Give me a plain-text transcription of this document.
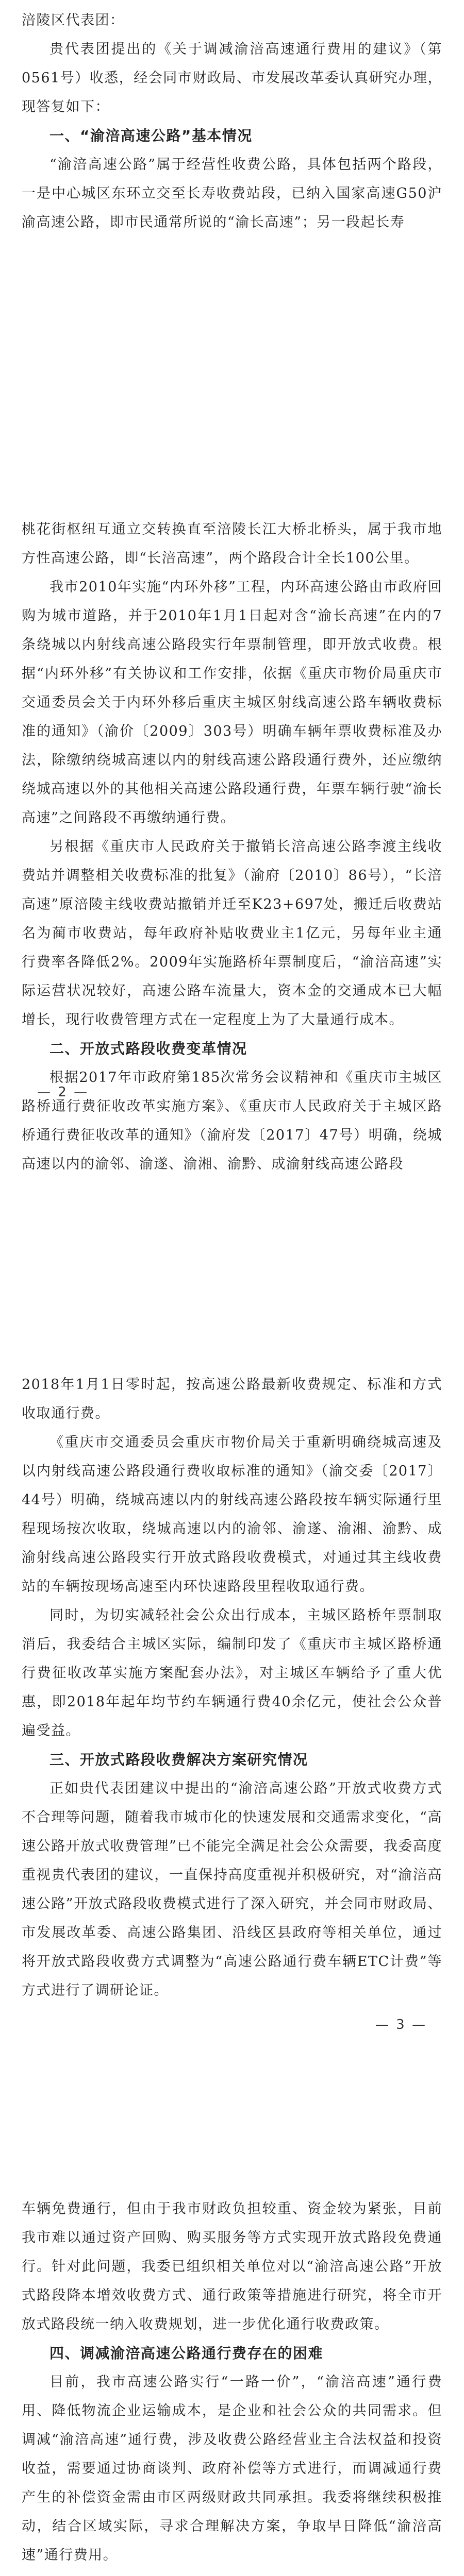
涪陵区代表团：

贵代表团提出的《关于调减渝涪高速通行费用的建议》（第0561号）收悉，经会同市财政局、市发展改革委认真研究办理，现答复如下：

一、“渝涪高速公路”基本情况

“渝涪高速公路”属于经营性收费公路，具体包括两个路段，一是中心城区东环立交至长寿收费站段，已纳入国家高速G50沪渝高速公路，即市民通常所说的“渝长高速”；另一段起长寿

桃花街枢纽互通立交转换直至涪陵长江大桥北桥头，属于我市地方性高速公路，即“长涪高速”，两个路段合计全长100公里。

我市2010年实施“内环外移”工程，内环高速公路由市政府回购为城市道路，并于2010年1月1日起对含“渝长高速”在内的7条绕城以内射线高速公路段实行年票制管理，即开放式收费。根据“内环外移”有关协议和工作安排，依据《重庆市物价局重庆市交通委员会关于内环外移后重庆主城区射线高速公路车辆收费标准的通知》（渝价〔2009〕303号）明确车辆年票收费标准及办法，除缴纳绕城高速以内的射线高速公路段通行费外，还应缴纳绕城高速以外的其他相关高速公路段通行费，年票车辆行驶“渝长高速”之间路段不再缴纳通行费。

另根据《重庆市人民政府关于撤销长涪高速公路李渡主线收费站并调整相关收费标准的批复》（渝府〔2010〕86号），“长涪高速”原涪陵主线收费站撤销并迁至K23+697处，搬迁后收费站名为蔺市收费站，每年政府补贴收费业主1亿元，另每年业主通行费率各降低2%。2009年实施路桥年票制度后，“渝涪高速”实际运营状况较好，高速公路车流量大，资本金的交通成本已大幅增长，现行收费管理方式在一定程度上为了大量通行成本。

二、开放式路段收费变革情况

根据2017年市政府第185次常务会议精神和《重庆市主城区路桥通行费征收改革实施方案》、《重庆市人民政府关于主城区路桥通行费征收改革的通知》（渝府发〔2017〕47号）明确，绕城高速以内的渝邻、渝遂、渝湘、渝黔、成渝射线高速公路段

— 2 —

2018年1月1日零时起，按高速公路最新收费规定、标准和方式收取通行费。

《重庆市交通委员会重庆市物价局关于重新明确绕城高速及以内射线高速公路段通行费收取标准的通知》（渝交委〔2017〕44号）明确，绕城高速以内的射线高速公路段按车辆实际通行里程现场按次收取，绕城高速以内的渝邻、渝遂、渝湘、渝黔、成渝射线高速公路段实行开放式路段收费模式，对通过其主线收费站的车辆按现场高速至内环快速路段里程收取通行费。

同时，为切实减轻社会公众出行成本，主城区路桥年票制取消后，我委结合主城区实际，编制印发了《重庆市主城区路桥通行费征收改革实施方案配套办法》，对主城区车辆给予了重大优惠，即2018年起年均节约车辆通行费40余亿元，使社会公众普遍受益。

三、开放式路段收费解决方案研究情况

正如贵代表团建议中提出的“渝涪高速公路”开放式收费方式不合理等问题，随着我市城市化的快速发展和交通需求变化，“高速公路开放式收费管理”已不能完全满足社会公众需要，我委高度重视贵代表团的建议，一直保持高度重视并积极研究，对“渝涪高速公路”开放式路段收费模式进行了深入研究，并会同市财政局、市发展改革委、高速公路集团、沿线区县政府等相关单位，通过将开放式路段收费方式调整为“高速公路通行费车辆ETC计费”等方式进行了调研论证。

— 3 —

车辆免费通行，但由于我市财政负担较重、资金较为紧张，目前我市难以通过资产回购、购买服务等方式实现开放式路段免费通行。针对此问题，我委已组织相关单位对以“渝涪高速公路”开放式路段降本增效收费方式、通行政策等措施进行研究，将全市开放式路段统一纳入收费规划，进一步优化通行收费政策。

四、调减渝涪高速公路通行费存在的困难

目前，我市高速公路实行“一路一价”，“渝涪高速”通行费用、降低物流企业运输成本，是企业和社会公众的共同需求。但调减“渝涪高速”通行费，涉及收费公路经营业主合法权益和投资收益，需要通过协商谈判、政府补偿等方式进行，而调减通行费产生的补偿资金需由市区两级财政共同承担。我委将继续积极推动，结合区域实际，寻求合理解决方案，争取早日降低“渝涪高速”通行费用。
